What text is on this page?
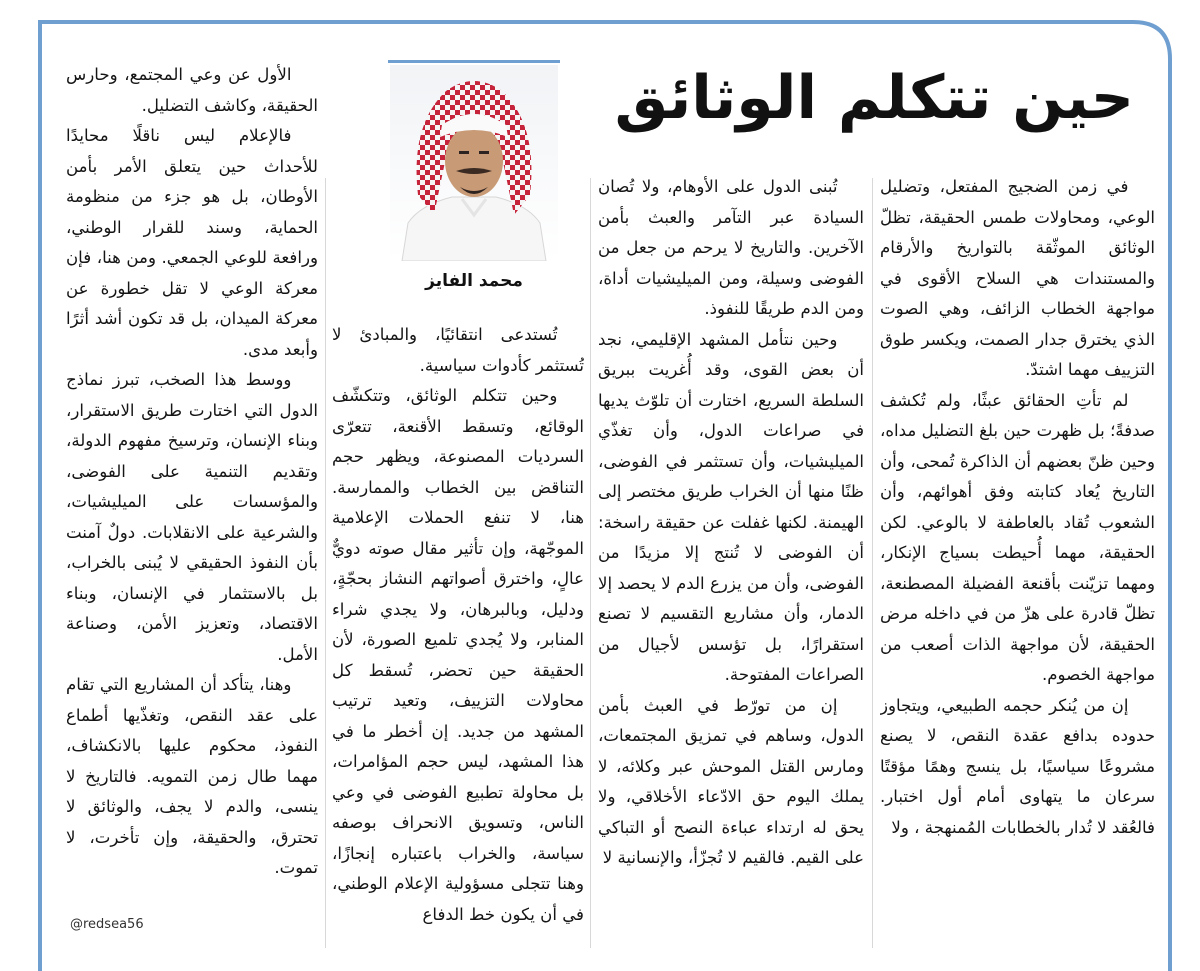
حين تتكلم الوثائق
محمد الفايز

في زمن الضجيج المفتعل، وتضليل الوعي، ومحاولات طمس الحقيقة، تظلّ الوثائق الموثّقة بالتواريخ والأرقام والمستندات هي السلاح الأقوى في مواجهة الخطاب الزائف، وهي الصوت الذي يخترق جدار الصمت، ويكسر طوق التزييف مهما اشتدّ.

لم تأتِ الحقائق عبثًا، ولم تُكشف صدفةً؛ بل ظهرت حين بلغ التضليل مداه، وحين ظنّ بعضهم أن الذاكرة تُمحى، وأن التاريخ يُعاد كتابته وفق أهوائهم، وأن الشعوب تُقاد بالعاطفة لا بالوعي. لكن الحقيقة، مهما أُحيطت بسياج الإنكار، ومهما تزيّنت بأقنعة الفضيلة المصطنعة، تظلّ قادرة على هزّ من في داخله مرض الحقيقة، لأن مواجهة الذات أصعب من مواجهة الخصوم.

إن من يُنكر حجمه الطبيعي، ويتجاوز حدوده بدافع عقدة النقص، لا يصنع مشروعًا سياسيًا، بل ينسج وهمًا مؤقتًا سرعان ما يتهاوى أمام أول اختبار. فالعُقد لا تُدار بالخطابات المُمنهجة ، ولا

تُبنى الدول على الأوهام، ولا تُصان السيادة عبر التآمر والعبث بأمن الآخرين. والتاريخ لا يرحم من جعل من الفوضى وسيلة، ومن الميليشيات أداة، ومن الدم طريقًا للنفوذ.

وحين نتأمل المشهد الإقليمي، نجد أن بعض القوى، وقد أُغريت ببريق السلطة السريع، اختارت أن تلوّث يديها في صراعات الدول، وأن تغذّي الميليشيات، وأن تستثمر في الفوضى، ظنًا منها أن الخراب طريق مختصر إلى الهيمنة. لكنها غفلت عن حقيقة راسخة: أن الفوضى لا تُنتج إلا مزيدًا من الفوضى، وأن من يزرع الدم لا يحصد إلا الدمار، وأن مشاريع التقسيم لا تصنع استقرارًا، بل تؤسس لأجيال من الصراعات المفتوحة.

إن من تورّط في العبث بأمن الدول، وساهم في تمزيق المجتمعات، ومارس القتل الموحش عبر وكلائه، لا يملك اليوم حق الادّعاء الأخلاقي، ولا يحق له ارتداء عباءة النصح أو التباكي على القيم. فالقيم لا تُجزّأ، والإنسانية لا

تُستدعى انتقائيًا، والمبادئ لا تُستثمر كأدوات سياسية.

وحين تتكلم الوثائق، وتتكشّف الوقائع، وتسقط الأقنعة، تتعرّى السرديات المصنوعة، ويظهر حجم التناقض بين الخطاب والممارسة. هنا، لا تنفع الحملات الإعلامية الموجّهة، وإن تأثير مقال صوته دويٌّ عالٍ، واخترق أصواتهم النشاز بحجّةٍ، ودليل، وبالبرهان، ولا يجدي شراء المنابر، ولا يُجدي تلميع الصورة، لأن الحقيقة حين تحضر، تُسقط كل محاولات التزييف، وتعيد ترتيب المشهد من جديد. إن أخطر ما في هذا المشهد، ليس حجم المؤامرات، بل محاولة تطبيع الفوضى في وعي الناس، وتسويق الانحراف بوصفه سياسة، والخراب باعتباره إنجازًا، وهنا تتجلى مسؤولية الإعلام الوطني، في أن يكون خط الدفاع

الأول عن وعي المجتمع، وحارس الحقيقة، وكاشف التضليل.

فالإعلام ليس ناقلًا محايدًا للأحداث حين يتعلق الأمر بأمن الأوطان، بل هو جزء من منظومة الحماية، وسند للقرار الوطني، ورافعة للوعي الجمعي. ومن هنا، فإن معركة الوعي لا تقل خطورة عن معركة الميدان، بل قد تكون أشد أثرًا وأبعد مدى.

ووسط هذا الصخب، تبرز نماذج الدول التي اختارت طريق الاستقرار، وبناء الإنسان، وترسيخ مفهوم الدولة، وتقديم التنمية على الفوضى، والمؤسسات على الميليشيات، والشرعية على الانقلابات. دولٌ آمنت بأن النفوذ الحقيقي لا يُبنى بالخراب، بل بالاستثمار في الإنسان، وبناء الاقتصاد، وتعزيز الأمن، وصناعة الأمل.

وهنا، يتأكد أن المشاريع التي تقام على عقد النقص، وتغذّيها أطماع النفوذ، محكوم عليها بالانكشاف، مهما طال زمن التمويه. فالتاريخ لا ينسى، والدم لا يجف، والوثائق لا تحترق، والحقيقة، وإن تأخرت، لا تموت.

@redsea56
